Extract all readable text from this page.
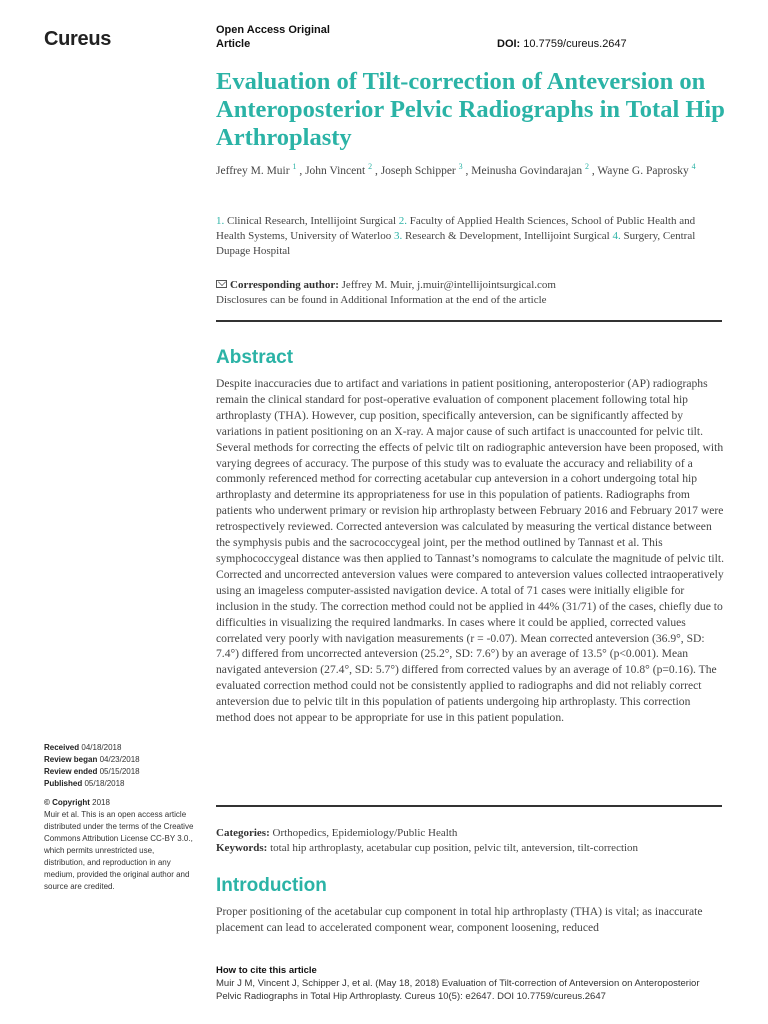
Cureus	Open Access Original
Article	DOI: 10.7759/cureus.2647
Evaluation of Tilt-correction of Anteversion on Anteroposterior Pelvic Radiographs in Total Hip Arthroplasty
Jeffrey M. Muir $^1$ , John Vincent $^2$ , Joseph Schipper $^3$ , Meinusha Govindarajan $^2$ , Wayne G. Paprosky $^4$
1. Clinical Research, Intellijoint Surgical 2. Faculty of Applied Health Sciences, School of Public Health and Health Systems, University of Waterloo 3. Research & Development, Intellijoint Surgical 4. Surgery, Central Dupage Hospital
Corresponding author: Jeffrey M. Muir, j.muir@intellijointsurgical.com
Disclosures can be found in Additional Information at the end of the article
Abstract
Despite inaccuracies due to artifact and variations in patient positioning, anteroposterior (AP) radiographs remain the clinical standard for post-operative evaluation of component placement following total hip arthroplasty (THA). However, cup position, specifically anteversion, can be significantly affected by variations in patient positioning on an X-ray. A major cause of such artifact is unaccounted for pelvic tilt. Several methods for correcting the effects of pelvic tilt on radiographic anteversion have been proposed, with varying degrees of accuracy. The purpose of this study was to evaluate the accuracy and reliability of a commonly referenced method for correcting acetabular cup anteversion in a cohort undergoing total hip arthroplasty and determine its appropriateness for use in this population of patients. Radiographs from patients who underwent primary or revision hip arthroplasty between February 2016 and February 2017 were retrospectively reviewed. Corrected anteversion was calculated by measuring the vertical distance between the symphysis pubis and the sacrococcygeal joint, per the method outlined by Tannast et al. This symphococcygeal distance was then applied to Tannast’s nomograms to calculate the magnitude of pelvic tilt. Corrected and uncorrected anteversion values were compared to anteversion values collected intraoperatively using an imageless computer-assisted navigation device. A total of 71 cases were initially eligible for inclusion in the study. The correction method could not be applied in 44% (31/71) of the cases, chiefly due to difficulties in visualizing the required landmarks. In cases where it could be applied, corrected values correlated very poorly with navigation measurements (r = -0.07). Mean corrected anteversion (36.9°, SD: 7.4°) differed from uncorrected anteversion (25.2°, SD: 7.6°) by an average of 13.5° (p<0.001). Mean navigated anteversion (27.4°, SD: 5.7°) differed from corrected values by an average of 10.8° (p=0.16). The evaluated correction method could not be consistently applied to radiographs and did not reliably correct anteversion due to pelvic tilt in this population of patients undergoing hip arthroplasty. This correction method does not appear to be appropriate for use in this patient population.
Categories: Orthopedics, Epidemiology/Public Health
Keywords: total hip arthroplasty, acetabular cup position, pelvic tilt, anteversion, tilt-correction
Introduction
Proper positioning of the acetabular cup component in total hip arthroplasty (THA) is vital; as inaccurate placement can lead to accelerated component wear, component loosening, reduced
Received 04/18/2018
Review began 04/23/2018
Review ended 05/15/2018
Published 05/18/2018
© Copyright 2018
Muir et al. This is an open access article distributed under the terms of the Creative Commons Attribution License CC-BY 3.0., which permits unrestricted use, distribution, and reproduction in any medium, provided the original author and source are credited.
How to cite this article
Muir J M, Vincent J, Schipper J, et al. (May 18, 2018) Evaluation of Tilt-correction of Anteversion on Anteroposterior Pelvic Radiographs in Total Hip Arthroplasty. Cureus 10(5): e2647. DOI 10.7759/cureus.2647
